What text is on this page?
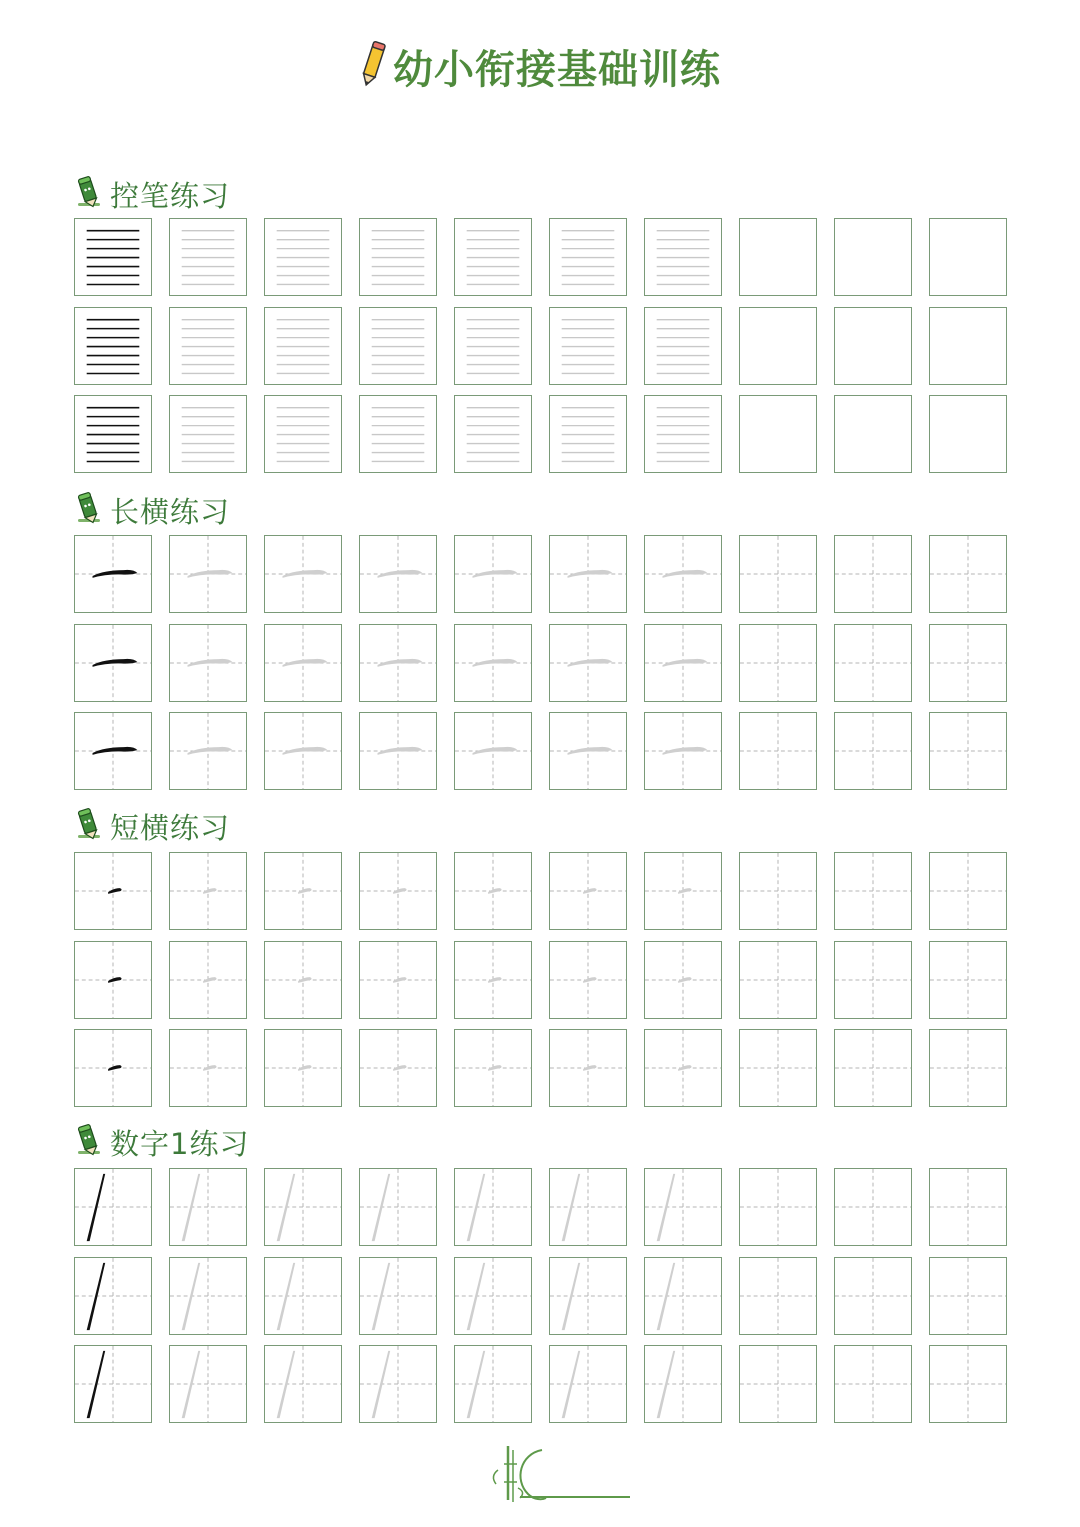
幼小衔接基础训练
控笔练习
长横练习
短横练习
数字1练习
